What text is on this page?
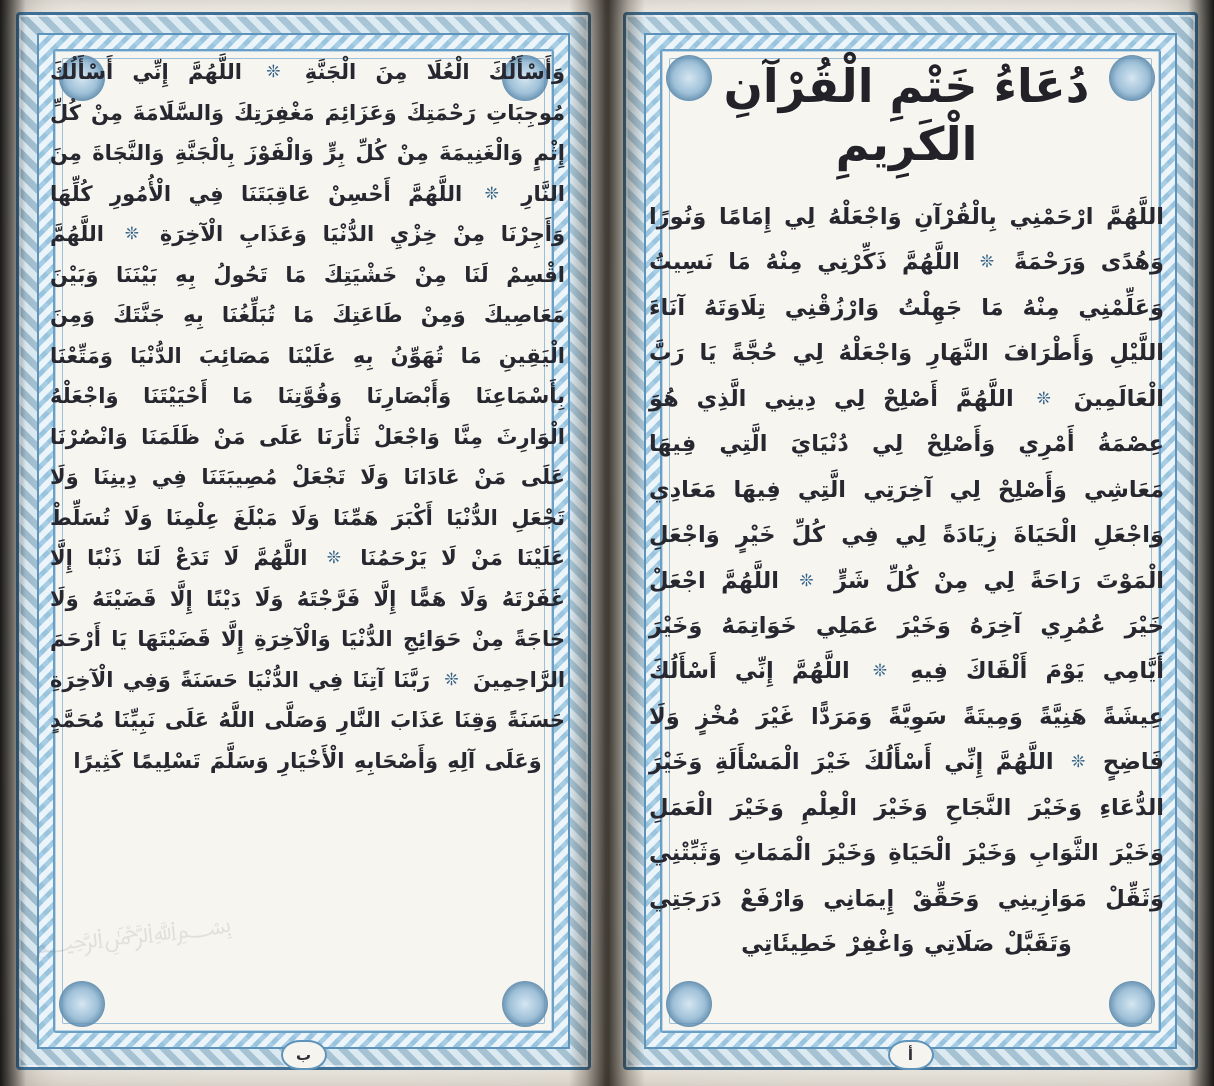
دُعَاءُ خَتْمِ الْقُرْآنِ الْكَرِيمِ
اللَّهُمَّ ارْحَمْنِي بِالْقُرْآنِ وَاجْعَلْهُ لِي إِمَامًا وَنُورًا وَهُدًى وَرَحْمَةً ❊ اللَّهُمَّ ذَكِّرْنِي مِنْهُ مَا نَسِيتُ وَعَلِّمْنِي مِنْهُ مَا جَهِلْتُ وَارْزُقْنِي تِلَاوَتَهُ آنَاءَ اللَّيْلِ وَأَطْرَافَ النَّهَارِ وَاجْعَلْهُ لِي حُجَّةً يَا رَبَّ الْعَالَمِينَ ❊ اللَّهُمَّ أَصْلِحْ لِي دِينِي الَّذِي هُوَ عِصْمَةُ أَمْرِي وَأَصْلِحْ لِي دُنْيَايَ الَّتِي فِيهَا مَعَاشِي وَأَصْلِحْ لِي آخِرَتِي الَّتِي فِيهَا مَعَادِي وَاجْعَلِ الْحَيَاةَ زِيَادَةً لِي فِي كُلِّ خَيْرٍ وَاجْعَلِ الْمَوْتَ رَاحَةً لِي مِنْ كُلِّ شَرٍّ ❊ اللَّهُمَّ اجْعَلْ خَيْرَ عُمُرِي آخِرَهُ وَخَيْرَ عَمَلِي خَوَاتِمَهُ وَخَيْرَ أَيَّامِي يَوْمَ أَلْقَاكَ فِيهِ ❊ اللَّهُمَّ إِنِّي أَسْأَلُكَ عِيشَةً هَنِيَّةً وَمِيتَةً سَوِيَّةً وَمَرَدًّا غَيْرَ مُخْزٍ وَلَا فَاضِحٍ ❊ اللَّهُمَّ إِنِّي أَسْأَلُكَ خَيْرَ الْمَسْأَلَةِ وَخَيْرَ الدُّعَاءِ وَخَيْرَ النَّجَاحِ وَخَيْرَ الْعِلْمِ وَخَيْرَ الْعَمَلِ وَخَيْرَ الثَّوَابِ وَخَيْرَ الْحَيَاةِ وَخَيْرَ الْمَمَاتِ وَثَبِّتْنِي وَثَقِّلْ مَوَازِينِي وَحَقِّقْ إِيمَانِي وَارْفَعْ دَرَجَتِي وَتَقَبَّلْ صَلَاتِي وَاغْفِرْ خَطِيئَاتِي
أ
وَأَسْأَلُكَ الْعُلَا مِنَ الْجَنَّةِ ❊ اللَّهُمَّ إِنِّي أَسْأَلُكَ مُوجِبَاتِ رَحْمَتِكَ وَعَزَائِمَ مَغْفِرَتِكَ وَالسَّلَامَةَ مِنْ كُلِّ إِثْمٍ وَالْغَنِيمَةَ مِنْ كُلِّ بِرٍّ وَالْفَوْزَ بِالْجَنَّةِ وَالنَّجَاةَ مِنَ النَّارِ ❊ اللَّهُمَّ أَحْسِنْ عَاقِبَتَنَا فِي الْأُمُورِ كُلِّهَا وَأَجِرْنَا مِنْ خِزْيِ الدُّنْيَا وَعَذَابِ الْآخِرَةِ ❊ اللَّهُمَّ اقْسِمْ لَنَا مِنْ خَشْيَتِكَ مَا تَحُولُ بِهِ بَيْنَنَا وَبَيْنَ مَعَاصِيكَ وَمِنْ طَاعَتِكَ مَا تُبَلِّغُنَا بِهِ جَنَّتَكَ وَمِنَ الْيَقِينِ مَا تُهَوِّنُ بِهِ عَلَيْنَا مَصَائِبَ الدُّنْيَا وَمَتِّعْنَا بِأَسْمَاعِنَا وَأَبْصَارِنَا وَقُوَّتِنَا مَا أَحْيَيْتَنَا وَاجْعَلْهُ الْوَارِثَ مِنَّا وَاجْعَلْ ثَأْرَنَا عَلَى مَنْ ظَلَمَنَا وَانْصُرْنَا عَلَى مَنْ عَادَانَا وَلَا تَجْعَلْ مُصِيبَتَنَا فِي دِينِنَا وَلَا تَجْعَلِ الدُّنْيَا أَكْبَرَ هَمِّنَا وَلَا مَبْلَغَ عِلْمِنَا وَلَا تُسَلِّطْ عَلَيْنَا مَنْ لَا يَرْحَمُنَا ❊ اللَّهُمَّ لَا تَدَعْ لَنَا ذَنْبًا إِلَّا غَفَرْتَهُ وَلَا هَمًّا إِلَّا فَرَّجْتَهُ وَلَا دَيْنًا إِلَّا قَضَيْتَهُ وَلَا حَاجَةً مِنْ حَوَائِجِ الدُّنْيَا وَالْآخِرَةِ إِلَّا قَضَيْتَهَا يَا أَرْحَمَ الرَّاحِمِينَ ❊ رَبَّنَا آتِنَا فِي الدُّنْيَا حَسَنَةً وَفِي الْآخِرَةِ حَسَنَةً وَقِنَا عَذَابَ النَّارِ وَصَلَّى اللَّهُ عَلَى نَبِيِّنَا مُحَمَّدٍ وَعَلَى آلِهِ وَأَصْحَابِهِ الْأَخْيَارِ وَسَلَّمَ تَسْلِيمًا كَثِيرًا
ب
